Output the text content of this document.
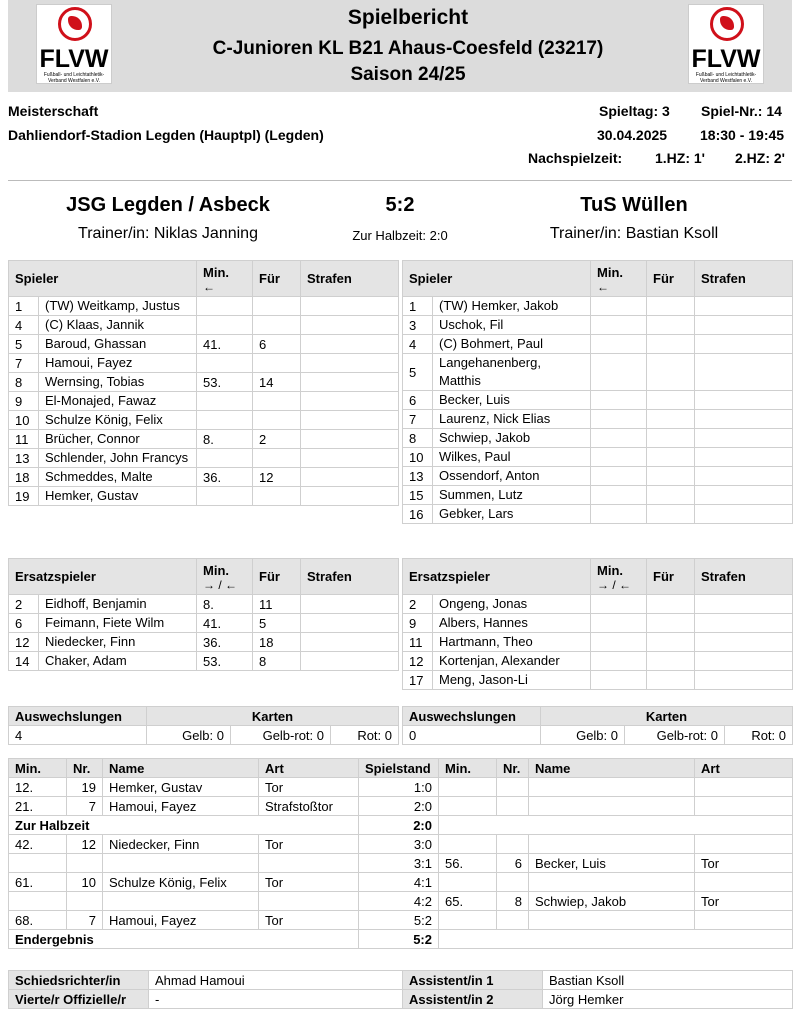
FLVW
Fußball- und Leichtathletik-Verband Westfalen e.V.
Spielbericht
C-Junioren KL B21 Ahaus-Coesfeld (23217)
Saison 24/25
FLVW
Fußball- und Leichtathletik-Verband Westfalen e.V.
Meisterschaft
Dahliendorf-Stadion Legden (Hauptpl) (Legden)
Spieltag: 3 Spiel-Nr.: 14
30.04.2025 18:30 - 19:45
Nachspielzeit: 1.HZ: 1' 2.HZ: 2'
JSG Legden / Asbeck	5:2	TuS Wüllen
Trainer/in: Niklas Janning	Zur Halbzeit: 2:0	Trainer/in: Bastian Ksoll
Spieler		Min.
←	Für	Strafen
1	(TW) Weitkamp, Justus			
4	(C) Klaas, Jannik			
5	Baroud, Ghassan	41.	6	
7	Hamoui, Fayez			
8	Wernsing, Tobias	53.	14	
9	El-Monajed, Fawaz			
10	Schulze König, Felix			
11	Brücher, Connor	8.	2	
13	Schlender, John Francys			
18	Schmeddes, Malte	36.	12	
19	Hemker, Gustav			
Spieler		Min.
←	Für	Strafen
1	(TW) Hemker, Jakob			
3	Uschok, Fil			
4	(C) Bohmert, Paul			
5	Langehanenberg, Matthis			
6	Becker, Luis			
7	Laurenz, Nick Elias			
8	Schwiep, Jakob			
10	Wilkes, Paul			
13	Ossendorf, Anton			
15	Summen, Lutz			
16	Gebker, Lars			
Ersatzspieler		Min.
→ / ←	Für	Strafen
2	Eidhoff, Benjamin	8.	11	
6	Feimann, Fiete Wilm	41.	5	
12	Niedecker, Finn	36.	18	
14	Chaker, Adam	53.	8	
Ersatzspieler		Min.
→ / ←	Für	Strafen
2	Ongeng, Jonas			
9	Albers, Hannes			
11	Hartmann, Theo			
12	Kortenjan, Alexander			
17	Meng, Jason-Li			
Auswechslungen	Karten		
4	Gelb: 0	Gelb-rot: 0	Rot: 0
Auswechslungen	Karten		
0	Gelb: 0	Gelb-rot: 0	Rot: 0
Min.	Nr.	Name	Art	Spielstand	Min.	Nr.	Name	Art
12.	19	Hemker, Gustav	Tor	1:0				
21.	7	Hamoui, Fayez	Strafstoßtor	2:0				
Zur Halbzeit				2:0				
42.	12	Niedecker, Finn	Tor	3:0				
				3:1	56.	6	Becker, Luis	Tor
61.	10	Schulze König, Felix	Tor	4:1				
				4:2	65.	8	Schwiep, Jakob	Tor
68.	7	Hamoui, Fayez	Tor	5:2				
Endergebnis				5:2				
Schiedsrichter/in	Ahmad Hamoui	Assistent/in 1	Bastian Ksoll
Vierte/r Offizielle/r	-	Assistent/in 2	Jörg Hemker
